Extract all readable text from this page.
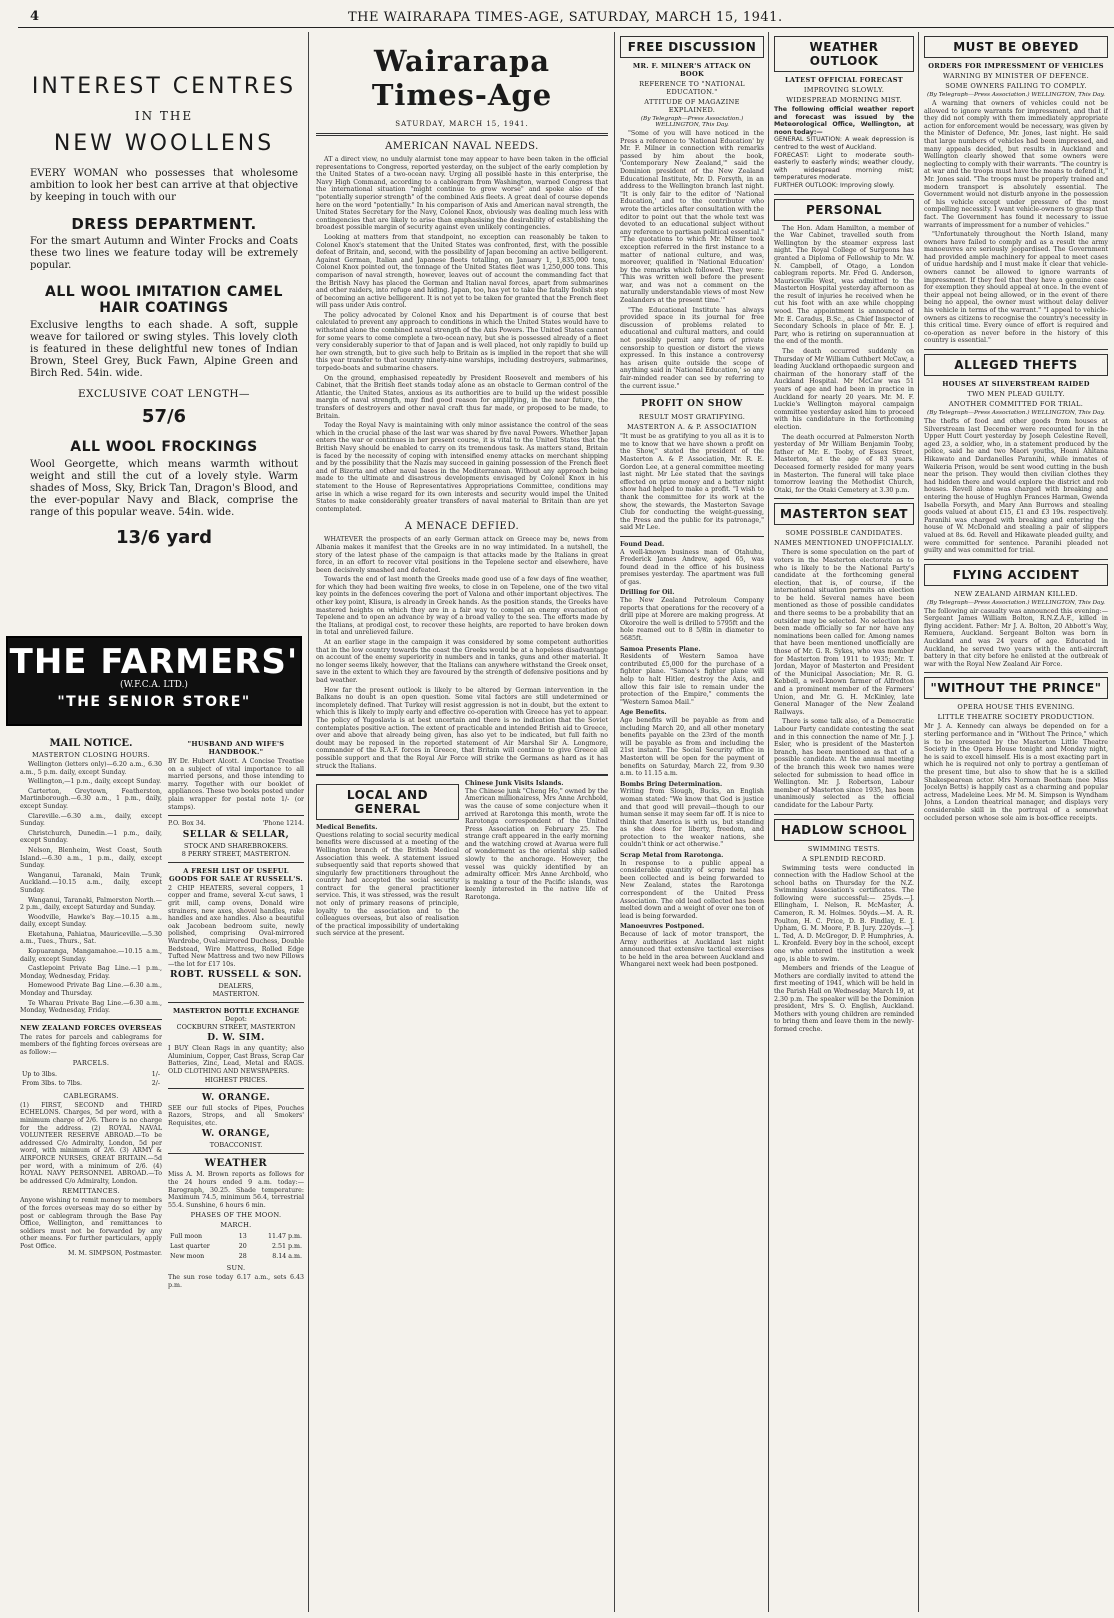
4	THE WAIRARAPA TIMES-AGE, SATURDAY, MARCH 15, 1941.
INTEREST CENTRES
IN THE
NEW WOOLLENS
EVERY WOMAN who possesses that wholesome ambition to look her best can arrive at that objective by keeping in touch with our
DRESS DEPARTMENT.
For the smart Autumn and Winter Frocks and Coats these two lines we feature today will be extremely popular.
ALL WOOL IMITATION CAMEL HAIR COATINGS
Exclusive lengths to each shade. A soft, supple weave for tailored or swing styles. This lovely cloth is featured in these delightful new tones of Indian Brown, Steel Grey, Buck Fawn, Alpine Green and Birch Red. 54in. wide.
EXCLUSIVE COAT LENGTH—
57/6
ALL WOOL FROCKINGS
Wool Georgette, which means warmth without weight and still the cut of a lovely style. Warm shades of Moss, Sky, Brick Tan, Dragon's Blood, and the ever-popular Navy and Black, comprise the range of this popular weave. 54in. wide.
13/6 yard
THE FARMERS'
(W.F.C.A. LTD.)
"THE SENIOR STORE"
MAIL NOTICE.
MASTERTON CLOSING HOURS.

Wellington (letters only)—6.20 a.m., 6.30 a.m., 5 p.m. daily, except Sunday.

Wellington,—1 p.m., daily, except Sunday.

Carterton, Greytown, Featherston, Martinborough.—6.30 a.m., 1 p.m., daily, except Sunday.

Clareville.—6.30 a.m., daily, except Sunday.

Christchurch, Dunedin.—1 p.m., daily, except Sunday.

Nelson, Blenheim, West Coast, South Island.—6.30 a.m., 1 p.m., daily, except Sunday.

Wanganui, Taranaki, Main Trunk, Auckland.—10.15 a.m., daily, except Sunday.

Wanganui, Taranaki, Palmerston North.—2 p.m., daily, except Saturday and Sunday.

Woodville, Hawke's Bay.—10.15 a.m., daily, except Sunday.

Eketahuna, Pahiatua, Mauriceville.—5.30 a.m., Tues., Thurs., Sat.

Kopuaranga, Mangamahoe.—10.15 a.m., daily, except Sunday.

Castlepoint Private Bag Line.—1 p.m., Monday, Wednesday, Friday.

Homewood Private Bag Line.—6.30 a.m., Monday and Thursday.

Te Wharau Private Bag Line.—6.30 a.m., Monday, Wednesday, Friday.

NEW ZEALAND FORCES OVERSEAS
The rates for parcels and cablegrams for members of the fighting forces overseas are as follow:—
PARCELS.
Up to 3lbs.	1/-
From 3lbs. to 7lbs.	2/-
CABLEGRAMS.
(1) FIRST, SECOND and THIRD ECHELONS. Charges, 5d per word, with a minimum charge of 2/6. There is no charge for the address. (2) ROYAL NAVAL VOLUNTEER RESERVE ABROAD.—To be addressed C/o Admiralty, London, 5d per word, with minimum of 2/6. (3) ARMY & AIRFORCE NURSES, GREAT BRITAIN.—5d per word, with a minimum of 2/6. (4) ROYAL NAVY PERSONNEL ABROAD.—To be addressed C/o Admiralty, London.
REMITTANCES.
Anyone wishing to remit money to members of the forces overseas may do so either by post or cablegram through the Base Pay Office, Wellington, and remittances to soldiers must not be forwarded by any other means. For further particulars, apply Post Office.
M. M. SIMPSON, Postmaster.
"HUSBAND AND WIFE'S HANDBOOK."
BY Dr. Hubert Alcott. A Concise Treatise on a subject of vital importance to all married persons, and those intending to marry. Together with our booklet of appliances. These two books posted under plain wrapper for postal note 1/- (or stamps).
P.O. Box 34.	'Phone 1214.
SELLAR & SELLAR,
STOCK AND SHAREBROKERS.
8 PERRY STREET, MASTERTON.
A FRESH LIST OF USEFUL GOODS FOR SALE AT RUSSELL'S.
2 CHIP HEATERS, several coppers, 1 copper and frame, several X-cut saws, 1 grit mill, camp ovens, Donald wire strainers, new axes, shovel handles, rake handles and axe handles. Also a beautiful oak Jacobean bedroom suite, newly polished, comprising Oval-mirrored Wardrobe, Oval-mirrored Duchess, Double Bedstead, Wire Mattress, Rolled Edge Tufted New Mattress and two new Pillows—the lot for £17 10s.
ROBT. RUSSELL & SON.
DEALERS,
MASTERTON.
MASTERTON BOTTLE EXCHANGE
Depot:
COCKBURN STREET, MASTERTON
D. W. SIM.
I BUY Clean Rags in any quantity; also Aluminium, Copper, Cast Brass, Scrap Car Batteries, Zinc, Lead, Metal and RAGS. OLD CLOTHING AND NEWSPAPERS.
HIGHEST PRICES.
W. ORANGE.
SEE our full stocks of Pipes, Pouches Razors, Strops, and all Smokers' Requisites, etc.
W. ORANGE,
TOBACCONIST.
WEATHER
Miss A. M. Brown reports as follows for the 24 hours ended 9 a.m. today:—Barograph, 30.25. Shade temperature: Maximum 74.5, minimum 56.4, terrestrial 55.4. Sunshine, 6 hours 6 min.
PHASES OF THE MOON.
MARCH.
Full moon	13	11.47 p.m.
Last quarter	20	2.51 p.m.
New moon	28	8.14 a.m.
SUN.
The sun rose today 6.17 a.m., sets 6.43 p.m.
Wairarapa Times-Age
SATURDAY, MARCH 15, 1941.
AMERICAN NAVAL NEEDS.

AT a direct view, no unduly alarmist tone may appear to have been taken in the official representations to Congress, reported yesterday, on the subject of the early completion by the United States of a two-ocean navy. Urging all possible haste in this enterprise, the Navy High Command, according to a cablegram from Washington, warned Congress that the international situation "might continue to grow worse" and spoke also of the "potentially superior strength" of the combined Axis fleets. A great deal of course depends here on the word "potentially." In his comparison of Axis and American naval strength, the United States Secretary for the Navy, Colonel Knox, obviously was dealing much less with contingencies that are likely to arise than emphasising the desirability of establishing the broadest possible margin of security against even unlikely contingencies.

Looking at matters from that standpoint, no exception can reasonably be taken to Colonel Knox's statement that the United States was confronted, first, with the possible defeat of Britain, and, second, with the possibility of Japan becoming an active belligerent. Against German, Italian and Japanese fleets totalling, on January 1, 1,835,000 tons, Colonel Knox pointed out, the tonnage of the United States fleet was 1,250,000 tons. This comparison of naval strength, however, leaves out of account the commanding fact that the British Navy has placed the German and Italian naval forces, apart from submarines and other raiders, into refuge and hiding. Japan, too, has yet to take the fatally foolish step of becoming an active belligerent. It is not yet to be taken for granted that the French fleet will pass under Axis control.

The policy advocated by Colonel Knox and his Department is of course that best calculated to prevent any approach to conditions in which the United States would have to withstand alone the combined naval strength of the Axis Powers. The United States cannot for some years to come complete a two-ocean navy, but she is possessed already of a fleet very considerably superior to that of Japan and is well placed, not only rapidly to build up her own strength, but to give such help to Britain as is implied in the report that she will this year transfer to that country ninety-nine warships, including destroyers, submarines, torpedo-boats and submarine chasers.

On the ground, emphasised repeatedly by President Roosevelt and members of his Cabinet, that the British fleet stands today alone as an obstacle to German control of the Atlantic, the United States, anxious as its authorities are to build up the widest possible margin of naval strength, may find good reason for amplifying, in the near future, the transfers of destroyers and other naval craft thus far made, or proposed to be made, to Britain.

Today the Royal Navy is maintaining with only minor assistance the control of the seas which in the crucial phase of the last war was shared by five naval Powers. Whether Japan enters the war or continues in her present course, it is vital to the United States that the British Navy should be enabled to carry on its tremendous task. As matters stand, Britain is faced by the necessity of coping with intensified enemy attacks on merchant shipping and by the possibility that the Nazis may succeed in gaining possession of the French fleet and of Bizerta and other naval bases in the Mediterranean. Without any approach being made to the ultimate and disastrous developments envisaged by Colonel Knox in his statement to the House of Representatives Appropriations Committee, conditions may arise in which a wise regard for its own interests and security would impel the United States to make considerably greater transfers of naval material to Britain than are yet contemplated.

A MENACE DEFIED.

WHATEVER the prospects of an early German attack on Greece may be, news from Albania makes it manifest that the Greeks are in no way intimidated. In a nutshell, the story of the latest phase of the campaign is that attacks made by the Italians in great force, in an effort to recover vital positions in the Tepelene sector and elsewhere, have been decisively smashed and defeated.

Towards the end of last month the Greeks made good use of a few days of fine weather, for which they had been waiting five weeks, to close in on Tepelene, one of the two vital key points in the defences covering the port of Valona and other important objectives. The other key point, Klisura, is already in Greek hands. As the position stands, the Greeks have mastered heights on which they are in a fair way to compel an enemy evacuation of Tepelene and to open an advance by way of a broad valley to the sea. The efforts made by the Italians, at prodigal cost, to recover these heights, are reported to have broken down in total and unrelieved failure.

At an earlier stage in the campaign it was considered by some competent authorities that in the low country towards the coast the Greeks would be at a hopeless disadvantage on account of the enemy superiority in numbers and in tanks, guns and other material. It no longer seems likely, however, that the Italians can anywhere withstand the Greek onset, save in the extent to which they are favoured by the strength of defensive positions and by bad weather.

How far the present outlook is likely to be altered by German intervention in the Balkans no doubt is an open question. Some vital factors are still undetermined or incompletely defined. That Turkey will resist aggression is not in doubt, but the extent to which this is likely to imply early and effective co-operation with Greece has yet to appear. The policy of Yugoslavia is at best uncertain and there is no indication that the Soviet contemplates positive action. The extent of practicable and intended British aid to Greece, over and above that already being given, has also yet to be indicated, but full faith no doubt may be reposed in the reported statement of Air Marshal Sir A. Longmore, commander of the R.A.F. forces in Greece, that Britain will continue to give Greece all possible support and that the Royal Air Force will strike the Germans as hard as it has struck the Italians.

LOCAL AND GENERAL
Medical Benefits.
Questions relating to social security medical benefits were discussed at a meeting of the Wellington branch of the British Medical Association this week. A statement issued subsequently said that reports showed that singularly few practitioners throughout the country had accepted the social security contract for the general practitioner service. This, it was stressed, was the result not only of primary reasons of principle, loyalty to the association and to the colleagues overseas, but also of realisation of the practical impossibility of undertaking such service at the present.
Chinese Junk Visits Islands.
The Chinese junk "Cheng Ho," owned by the American millionairess, Mrs Anne Archbold, was the cause of some conjecture when it arrived at Rarotonga this month, wrote the Rarotonga correspondent of the United Press Association on February 25. The strange craft appeared in the early morning and the watching crowd at Avarua were full of wonderment as the oriental ship sailed slowly to the anchorage. However, the vessel was quickly identified by an admiralty officer. Mrs Anne Archbold, who is making a tour of the Pacific islands, was keenly interested in the native life of Rarotonga.
FREE DISCUSSION
MR. F. MILNER'S ATTACK ON BOOK
REFERENCE TO "NATIONAL EDUCATION."
ATTITUDE OF MAGAZINE EXPLAINED.
(By Telegraph—Press Association.) WELLINGTON, This Day.

"Some of you will have noticed in the Press a reference to 'National Education' by Mr. F. Milner in connection with remarks passed by him about the book, 'Contemporary New Zealand,'" said the Dominion president of the New Zealand Educational Institute, Mr. D. Forsyth, in an address to the Wellington branch last night. "It is only fair to the editor of 'National Education,' and to the contributor who wrote the articles after consultation with the editor to point out that the whole text was devoted to an educational subject without any reference to partisan political essential." "The quotations to which Mr. Milner took exception referred in the first instance to a matter of national culture, and was, moreover, qualified in 'National Education' by the remarks which followed. They were: 'This was written well before the present war, and was not a comment on the naturally understandable views of most New Zealanders at the present time.'"

"The Educational Institute has always provided space in its journal for free discussion of problems related to educational and cultural matters, and could not possibly permit any form of private censorship to question or distort the views expressed. In this instance a controversy has arisen quite outside the scope of anything said in 'National Education,' so any fair-minded reader can see by referring to the current issue."

PROFIT ON SHOW
RESULT MOST GRATIFYING.
MASTERTON A. & P. ASSOCIATION
"It must be as gratifying to you all as it is to me to know that we have shown a profit on the Show," stated the president of the Masterton A. & P. Association, Mr. R. E. Gordon Lee, at a general committee meeting last night. Mr Lee stated that the savings effected on prize money and a better night show had helped to make a profit. "I wish to thank the committee for its work at the show, the stewards, the Masterton Savage Club for conducting the weight-guessing, the Press and the public for its patronage," said Mr Lee.
Found Dead.
A well-known business man of Otahuhu, Frederick James Andrew, aged 65, was found dead in the office of his business premises yesterday. The apartment was full of gas.
Drilling for Oil.
The New Zealand Petroleum Company reports that operations for the recovery of a drill pipe at Morere are making progress. At Okoroire the well is drilled to 5795ft and the hole reamed out to 8 5/8in in diameter to 5685ft.
Samoa Presents Plane.
Residents of Western Samoa have contributed £5,000 for the purchase of a fighter plane. "Samoa's fighter plane will help to halt Hitler, destroy the Axis, and allow this fair isle to remain under the protection of the Empire," comments the "Western Samoa Mail."
Age Benefits.
Age benefits will be payable as from and including March 20, and all other monetary benefits payable on the 23rd of the month will be payable as from and including the 21st instant. The Social Security office in Masterton will be open for the payment of benefits on Saturday, March 22, from 9.30 a.m. to 11.15 a.m.
Bombs Bring Determination.
Writing from Slough, Bucks, an English woman stated: "We know that God is justice and that good will prevail—though to our human sense it may seem far off. It is nice to think that America is with us, but standing as she does for liberty, freedom, and protection to the weaker nations, she couldn't think or act otherwise."
Scrap Metal from Rarotonga.
In response to a public appeal a considerable quantity of scrap metal has been collected and is being forwarded to New Zealand, states the Rarotonga correspondent of the United Press Association. The old lead collected has been melted down and a weight of over one ton of lead is being forwarded.
Manoeuvres Postponed.
Because of lack of motor transport, the Army authorities at Auckland last night announced that extensive tactical exercises to be held in the area between Auckland and Whangarei next week had been postponed.
WEATHER OUTLOOK
LATEST OFFICIAL FORECAST
IMPROVING SLOWLY.
WIDESPREAD MORNING MIST.
The following official weather report and forecast was issued by the Meteorological Office, Wellington, at noon today:—
GENERAL SITUATION: A weak depression is centred to the west of Auckland.
FORECAST: Light to moderate south-easterly to easterly winds; weather cloudy, with widespread morning mist; temperatures moderate.
FURTHER OUTLOOK: Improving slowly.
PERSONAL

The Hon. Adam Hamilton, a member of the War Cabinet, travelled south from Wellington by the steamer express last night. The Royal College of Surgeons has granted a Diploma of Fellowship to Mr. W. N. Campbell, of Otago, a London cablegram reports. Mr. Fred G. Anderson, Mauriceville West, was admitted to the Masterton Hospital yesterday afternoon as the result of injuries he received when he cut his foot with an axe while chopping wood. The appointment is announced of Mr. E. Caradus, B.Sc., as Chief Inspector of Secondary Schools in place of Mr. E. J. Parr, who is retiring on superannuation at the end of the month.

The death occurred suddenly on Thursday of Mr William Cuthbert McCaw, a leading Auckland orthopaedic surgeon and chairman of the honorary staff of the Auckland Hospital. Mr McCaw was 51 years of age and had been in practice in Auckland for nearly 20 years. Mr. M. F. Luckie's Wellington mayoral campaign committee yesterday asked him to proceed with his candidature in the forthcoming election.

The death occurred at Palmerston North yesterday of Mr William Benjamin Tooby, father of Mr. E. Tooby, of Essex Street, Masterton, at the age of 83 years. Deceased formerly resided for many years in Masterton. The funeral will take place tomorrow leaving the Methodist Church, Otaki, for the Otaki Cemetery at 3.30 p.m.

MASTERTON SEAT
SOME POSSIBLE CANDIDATES.
NAMES MENTIONED UNOFFICIALLY.

There is some speculation on the part of voters in the Masterton electorate as to who is likely to be the National Party's candidate at the forthcoming general election, that is, of course, if the international situation permits an election to be held. Several names have been mentioned as those of possible candidates and there seems to be a probability that an outsider may be selected. No selection has been made officially so far nor have any nominations been called for. Among names that have been mentioned unofficially are those of Mr. G. R. Sykes, who was member for Masterton from 1911 to 1935; Mr. T. Jordan, Mayor of Masterton and President of the Municipal Association; Mr. R. G. Kebbell, a well-known farmer of Alfredton and a prominent member of the Farmers' Union, and Mr. G. H. McKinley, late General Manager of the New Zealand Railways.

There is some talk also, of a Democratic Labour Party candidate contesting the seat and in this connection the name of Mr. J. J. Esler, who is president of the Masterton branch, has been mentioned as that of a possible candidate. At the annual meeting of the branch this week two names were selected for submission to head office in Wellington. Mr. J. Robertson, Labour member of Masterton since 1935, has been unanimously selected as the official candidate for the Labour Party.

HADLOW SCHOOL
SWIMMING TESTS.
A SPLENDID RECORD.

Swimming tests were conducted in connection with the Hadlow School at the school baths on Thursday for the N.Z. Swimming Association's certificates. The following were successful:— 25yds.—J. Ellingham, I. Nelson, R. McMaster, A. Cameron, R. M. Holmes. 50yds.—M. A. R. Poulton, H. C. Price, D. B. Findlay, E. J. Upham, G. M. Moore, P. B. Jury. 220yds.—J. L. Ted, A. D. McGregor, D. P. Humphries, A. L. Kronfeld. Every boy in the school, except one who entered the institution a week ago, is able to swim.

Members and friends of the League of Mothers are cordially invited to attend the first meeting of 1941, which will be held in the Parish Hall on Wednesday, March 19, at 2.30 p.m. The speaker will be the Dominion president, Mrs S. O. English, Auckland. Mothers with young children are reminded to bring them and leave them in the newly-formed creche.

MUST BE OBEYED
ORDERS FOR IMPRESSMENT OF VEHICLES
WARNING BY MINISTER OF DEFENCE.
SOME OWNERS FAILING TO COMPLY.
(By Telegraph—Press Association.) WELLINGTON, This Day.

A warning that owners of vehicles could not be allowed to ignore warrants for impressment, and that if they did not comply with them immediately appropriate action for enforcement would be necessary, was given by the Minister of Defence, Mr. Jones, last night. He said that large numbers of vehicles had been impressed, and many appeals decided, but results in Auckland and Wellington clearly showed that some owners were neglecting to comply with their warrants. "The country is at war and the troops must have the means to defend it," Mr. Jones said. "The troops must be properly trained and modern transport is absolutely essential. The Government would not disturb anyone in the possession of his vehicle except under pressure of the most compelling necessity. I want vehicle-owners to grasp that fact. The Government has found it necessary to issue warrants of impressment for a number of vehicles."

"Unfortunately throughout the North Island, many owners have failed to comply and as a result the army manoeuvres are seriously jeopardised. The Government had provided ample machinery for appeal to meet cases of undue hardship and I must make it clear that vehicle-owners cannot be allowed to ignore warrants of impressment. If they feel that they have a genuine case for exemption they should appeal at once. In the event of their appeal not being allowed, or in the event of there being no appeal, the owner must without delay deliver his vehicle in terms of the warrant." "I appeal to vehicle-owners as citizens to recognise the country's necessity in this critical time. Every ounce of effort is required and co-operation as never before in the history of this country is essential."

ALLEGED THEFTS
HOUSES AT SILVERSTREAM RAIDED
TWO MEN PLEAD GUILTY.
ANOTHER COMMITTED FOR TRIAL.
(By Telegraph—Press Association.) WELLINGTON, This Day.
The thefts of food and other goods from houses at Silverstream last December were recounted for in the Upper Hutt Court yesterday by Joseph Celestine Revell, aged 23, a soldier, who, in a statement produced by the police, said he and two Maori youths, Hoani Ahitana Hikawato and Dardanelles Paranihi, while inmates of Waikeria Prison, would be sent wood cutting in the bush near the prison. They would then civilian clothes they had hidden there and would explore the district and rob houses. Revell alone was charged with breaking and entering the house of Hughlyn Frances Harman, Gwenda Isabella Forsyth, and Mary Ann Burrows and stealing goods valued at about £15, £1 and £3 19s. respectively. Paranihi was charged with breaking and entering the house of W. McDonald and stealing a pair of slippers valued at 8s. 6d. Revell and Hikawate pleaded guilty, and were committed for sentence. Paranihi pleaded not guilty and was committed for trial.
FLYING ACCIDENT
NEW ZEALAND AIRMAN KILLED.
(By Telegraph—Press Association.) WELLINGTON, This Day.
The following air casualty was announced this evening:— Sergeant James William Bolton, R.N.Z.A.F., killed in flying accident. Father: Mr J. A. Bolton, 20 Abbott's Way, Remuera, Auckland. Sergeant Bolton was born in Auckland and was 24 years of age. Educated in Auckland, he served two years with the anti-aircraft battery in that city before he enlisted at the outbreak of war with the Royal New Zealand Air Force.
"WITHOUT THE PRINCE"
OPERA HOUSE THIS EVENING.
LITTLE THEATRE SOCIETY PRODUCTION.
Mr J. A. Kennedy can always be depended on for a sterling performance and in "Without The Prince," which is to be presented by the Masterton Little Theatre Society in the Opera House tonight and Monday night, he is said to excell himself. His is a most exacting part in which he is required not only to portray a gentleman of the present time, but also to show that he is a skilled Shakespearean actor. Mrs Norman Beetham (nee Miss Jocelyn Betts) is happily cast as a charming and popular actress, Madeleine Lees. Mr M. M. Simpson is Wyndham Johns, a London theatrical manager, and displays very considerable skill in the portrayal of a somewhat occluded person whose sole aim is box-office receipts.
